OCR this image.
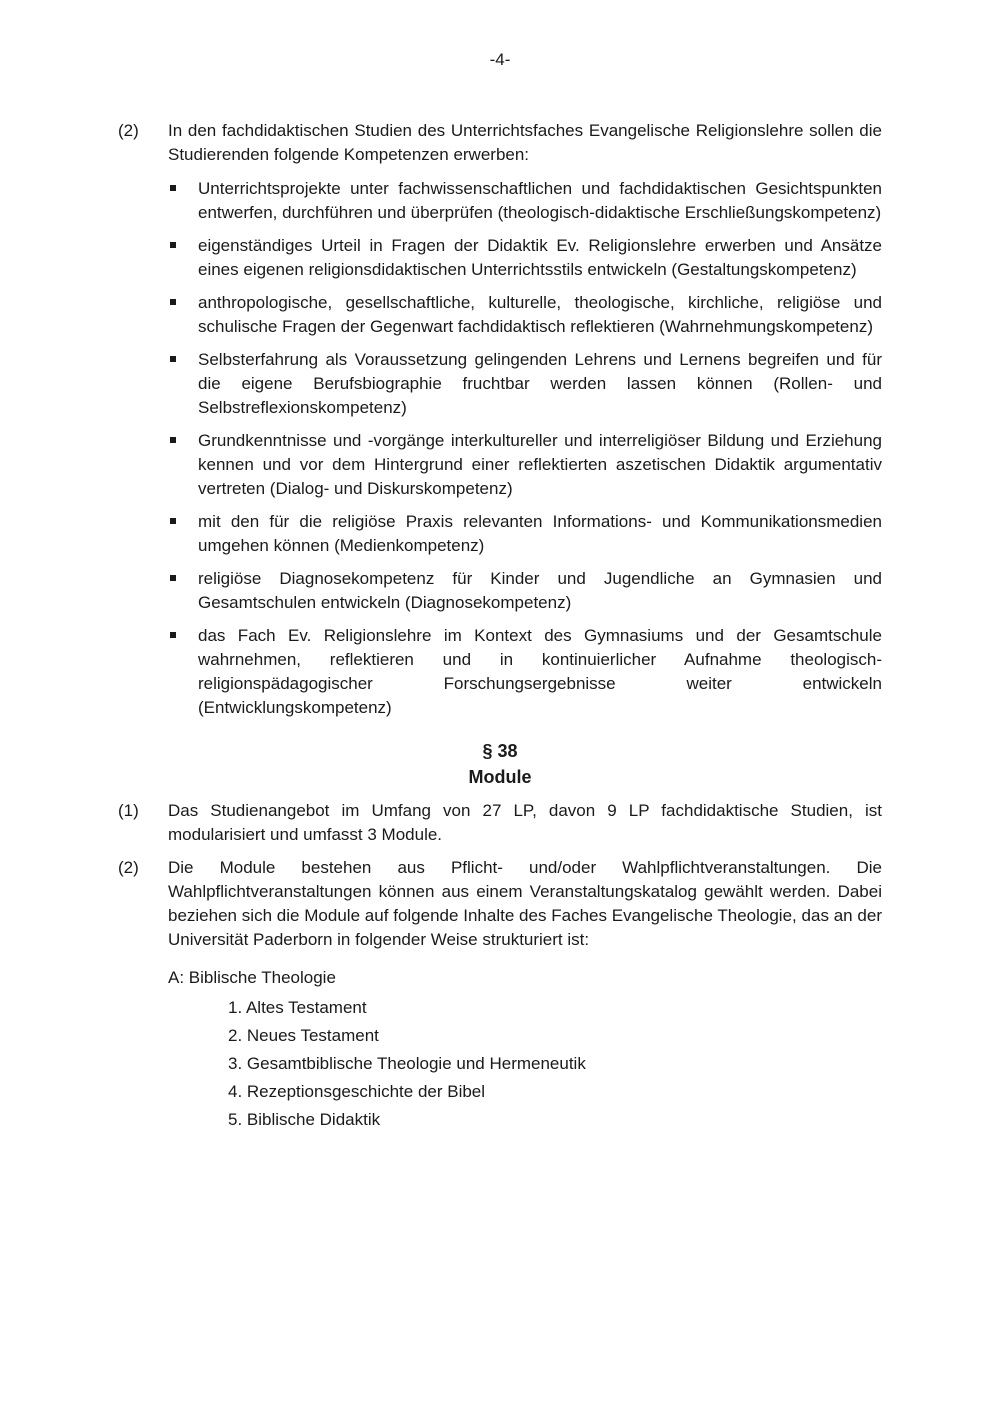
-4-
(2) In den fachdidaktischen Studien des Unterrichtsfaches Evangelische Religionslehre sollen die Studierenden folgende Kompetenzen erwerben:
Unterrichtsprojekte unter fachwissenschaftlichen und fachdidaktischen Gesichtspunkten entwerfen, durchführen und überprüfen (theologisch-didaktische Erschließungskompetenz)
eigenständiges Urteil in Fragen der Didaktik Ev. Religionslehre erwerben und Ansätze eines eigenen religionsdidaktischen Unterrichtsstils entwickeln (Gestaltungskompetenz)
anthropologische, gesellschaftliche, kulturelle, theologische, kirchliche, religiöse und schulische Fragen der Gegenwart fachdidaktisch reflektieren (Wahrnehmungskompetenz)
Selbsterfahrung als Voraussetzung gelingenden Lehrens und Lernens begreifen und für die eigene Berufsbiographie fruchtbar werden lassen können (Rollen- und Selbstreflexionskompetenz)
Grundkenntnisse und -vorgänge interkultureller und interreligiöser Bildung und Erziehung kennen und vor dem Hintergrund einer reflektierten aszetischen Didaktik argumentativ vertreten (Dialog- und Diskurskompetenz)
mit den für die religiöse Praxis relevanten Informations- und Kommunikationsmedien umgehen können (Medienkompetenz)
religiöse Diagnosekompetenz für Kinder und Jugendliche an Gymnasien und Gesamtschulen entwickeln (Diagnosekompetenz)
das Fach Ev. Religionslehre im Kontext des Gymnasiums und der Gesamtschule wahrnehmen, reflektieren und in kontinuierlicher Aufnahme theologisch-religionspädagogischer Forschungsergebnisse weiter entwickeln (Entwicklungskompetenz)
§ 38
Module
(1) Das Studienangebot im Umfang von 27 LP, davon 9 LP fachdidaktische Studien, ist modularisiert und umfasst 3 Module.
(2) Die Module bestehen aus Pflicht- und/oder Wahlpflichtveranstaltungen. Die Wahlpflichtveranstaltungen können aus einem Veranstaltungskatalog gewählt werden. Dabei beziehen sich die Module auf folgende Inhalte des Faches Evangelische Theologie, das an der Universität Paderborn in folgender Weise strukturiert ist:
A: Biblische Theologie
1. Altes Testament
2. Neues Testament
3. Gesamtbiblische Theologie und Hermeneutik
4. Rezeptionsgeschichte der Bibel
5. Biblische Didaktik
